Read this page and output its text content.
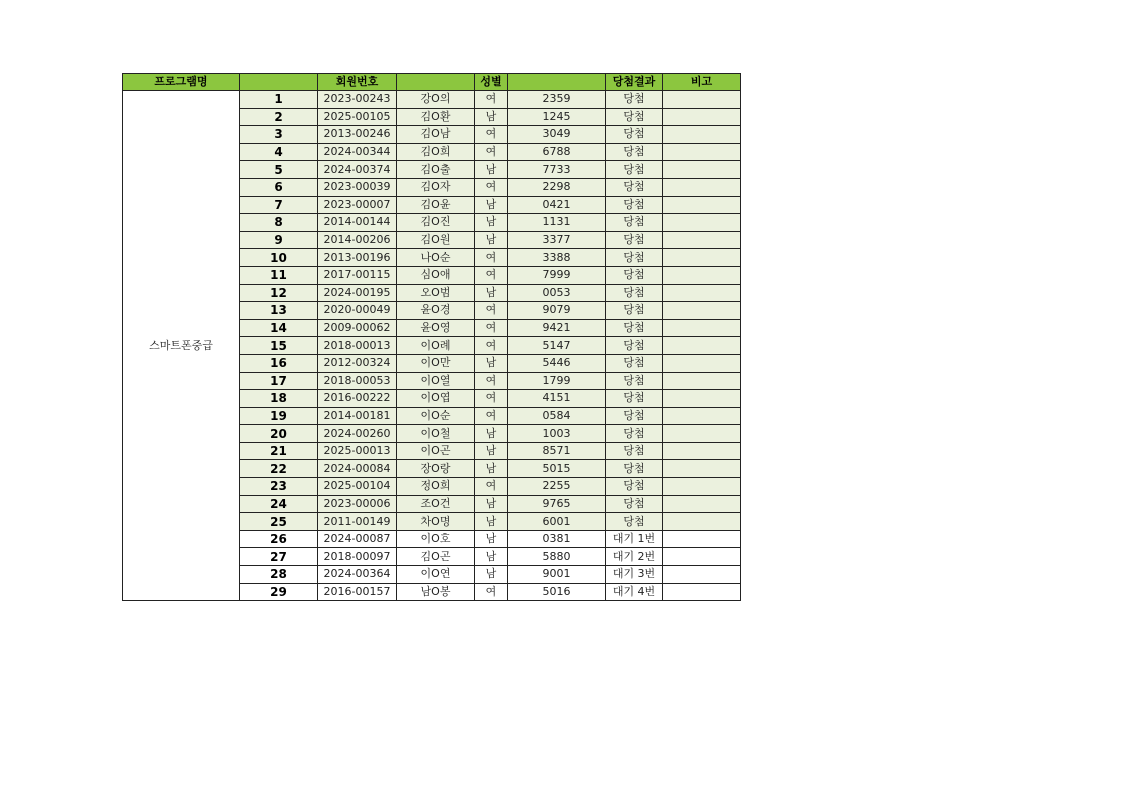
프로그램명		회원번호		성별		당첨결과	비고
스마트폰중급	1	2023-00243	강O의	여	2359	당첨	
	2	2025-00105	김O환	남	1245	당첨	
	3	2013-00246	김O남	여	3049	당첨	
	4	2024-00344	김O희	여	6788	당첨	
	5	2024-00374	김O출	남	7733	당첨	
	6	2023-00039	김O자	여	2298	당첨	
	7	2023-00007	김O윤	남	0421	당첨	
	8	2014-00144	김O진	남	1131	당첨	
	9	2014-00206	김O원	남	3377	당첨	
	10	2013-00196	나O순	여	3388	당첨	
	11	2017-00115	심O애	여	7999	당첨	
	12	2024-00195	오O범	남	0053	당첨	
	13	2020-00049	윤O경	여	9079	당첨	
	14	2009-00062	윤O영	여	9421	당첨	
	15	2018-00013	이O례	여	5147	당첨	
	16	2012-00324	이O만	남	5446	당첨	
	17	2018-00053	이O열	여	1799	당첨	
	18	2016-00222	이O엽	여	4151	당첨	
	19	2014-00181	이O순	여	0584	당첨	
	20	2024-00260	이O철	남	1003	당첨	
	21	2025-00013	이O곤	남	8571	당첨	
	22	2024-00084	장O랑	남	5015	당첨	
	23	2025-00104	정O희	여	2255	당첨	
	24	2023-00006	조O건	남	9765	당첨	
	25	2011-00149	차O명	남	6001	당첨	
	26	2024-00087	이O호	남	0381	대기 1번	
	27	2018-00097	김O곤	남	5880	대기 2번	
	28	2024-00364	이O연	남	9001	대기 3번	
	29	2016-00157	남O봉	여	5016	대기 4번	
